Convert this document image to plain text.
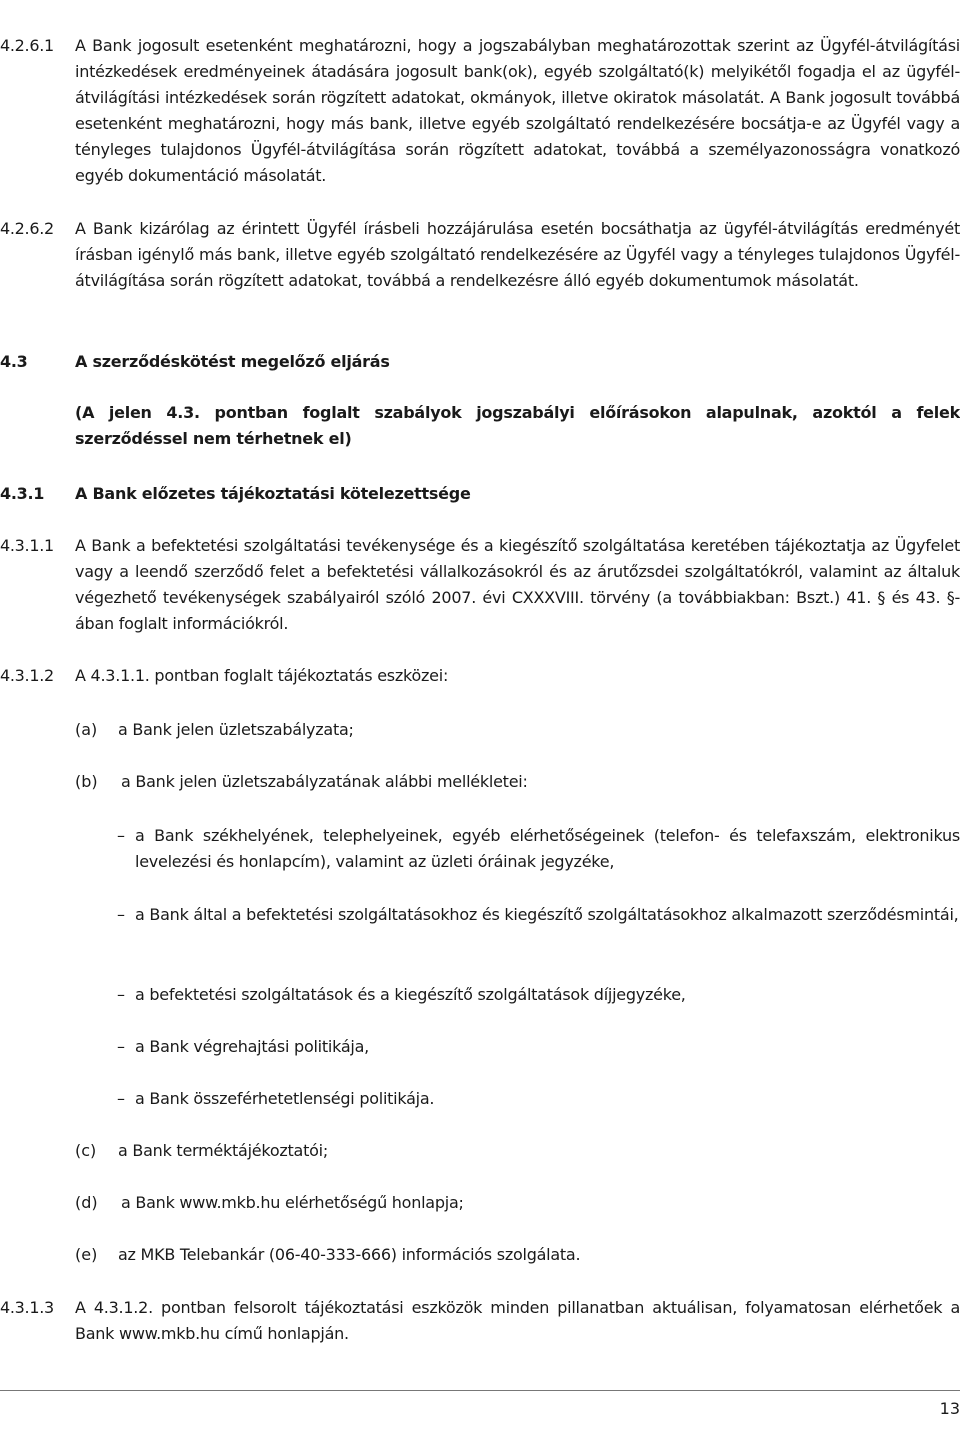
4.2.6.1 A Bank jogosult esetenként meghatározni, hogy a jogszabályban meghatározottak szerint az Ügyfél-átvilágítási intézkedések eredményeinek átadására jogosult bank(ok), egyéb szolgáltató(k) melyikétől fogadja el az ügyfél-átvilágítási intézkedések során rögzített adatokat, okmányok, illetve okiratok másolatát. A Bank jogosult továbbá esetenként meghatározni, hogy más bank, illetve egyéb szolgáltató rendelkezésére bocsátja-e az Ügyfél vagy a tényleges tulajdonos Ügyfél-átvilágítása során rögzített adatokat, továbbá a személyazonosságra vonatkozó egyéb dokumentáció másolatát.
4.2.6.2 A Bank kizárólag az érintett Ügyfél írásbeli hozzájárulása esetén bocsáthatja az ügyfél-átvilágítás eredményét írásban igénylő más bank, illetve egyéb szolgáltató rendelkezésére az Ügyfél vagy a tényleges tulajdonos Ügyfél-átvilágítása során rögzített adatokat, továbbá a rendelkezésre álló egyéb dokumentumok másolatát.
4.3	A szerződéskötést megelőző eljárás
(A jelen 4.3. pontban foglalt szabályok jogszabályi előírásokon alapulnak, azoktól a felek szerződéssel nem térhetnek el)
4.3.1 A Bank előzetes tájékoztatási kötelezettsége
4.3.1.1 A Bank a befektetési szolgáltatási tevékenysége és a kiegészítő szolgáltatása keretében tájékoztatja az Ügyfelet vagy a leendő szerződő felet a befektetési vállalkozásokról és az árutőzsdei szolgáltatókról, valamint az általuk végezhető tevékenységek szabályairól szóló 2007. évi CXXXVIII. törvény (a továbbiakban: Bszt.) 41. § és 43. §-ában foglalt információkról.
4.3.1.2 A 4.3.1.1. pontban foglalt tájékoztatás eszközei:
(a) a Bank jelen üzletszabályzata;
(b) a Bank jelen üzletszabályzatának alábbi mellékletei:
– a Bank székhelyének, telephelyeinek, egyéb elérhetőségeinek (telefon- és telefaxszám, elektronikus levelezési és honlapcím), valamint az üzleti óráinak jegyzéke,
– a Bank által a befektetési szolgáltatásokhoz és kiegészítő szolgáltatásokhoz alkalmazott szerződésmintái,
– a befektetési szolgáltatások és a kiegészítő szolgáltatások díjjegyzéke,
– a Bank végrehajtási politikája,
– a Bank összeférhetetlenségi politikája.
(c) a Bank terméktájékoztatói;
(d) a Bank www.mkb.hu elérhetőségű honlapja;
(e) az MKB Telebankár (06-40-333-666) információs szolgálata.
4.3.1.3 A 4.3.1.2. pontban felsorolt tájékoztatási eszközök minden pillanatban aktuálisan, folyamatosan elérhetőek a Bank www.mkb.hu című honlapján.
13
